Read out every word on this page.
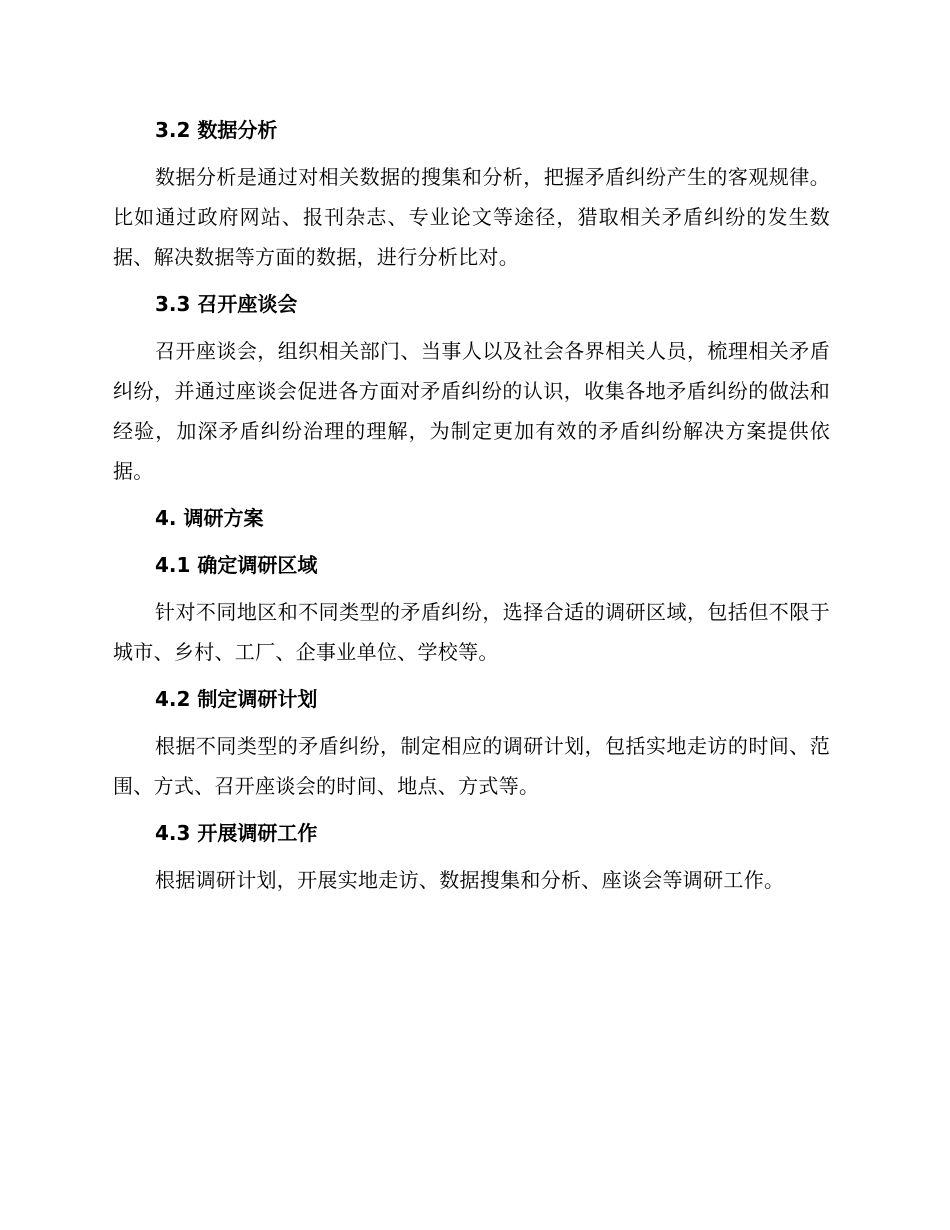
3.2 数据分析

数据分析是通过对相关数据的搜集和分析，把握矛盾纠纷产生的客观规律。比如通过政府网站、报刊杂志、专业论文等途径，猎取相关矛盾纠纷的发生数据、解决数据等方面的数据，进行分析比对。

3.3 召开座谈会

召开座谈会，组织相关部门、当事人以及社会各界相关人员，梳理相关矛盾纠纷，并通过座谈会促进各方面对矛盾纠纷的认识，收集各地矛盾纠纷的做法和经验，加深矛盾纠纷治理的理解，为制定更加有效的矛盾纠纷解决方案提供依据。

4. 调研方案
4.1 确定调研区域

针对不同地区和不同类型的矛盾纠纷，选择合适的调研区域，包括但不限于城市、乡村、工厂、企事业单位、学校等。

4.2 制定调研计划

根据不同类型的矛盾纠纷，制定相应的调研计划，包括实地走访的时间、范围、方式、召开座谈会的时间、地点、方式等。

4.3 开展调研工作

根据调研计划，开展实地走访、数据搜集和分析、座谈会等调研工作。
